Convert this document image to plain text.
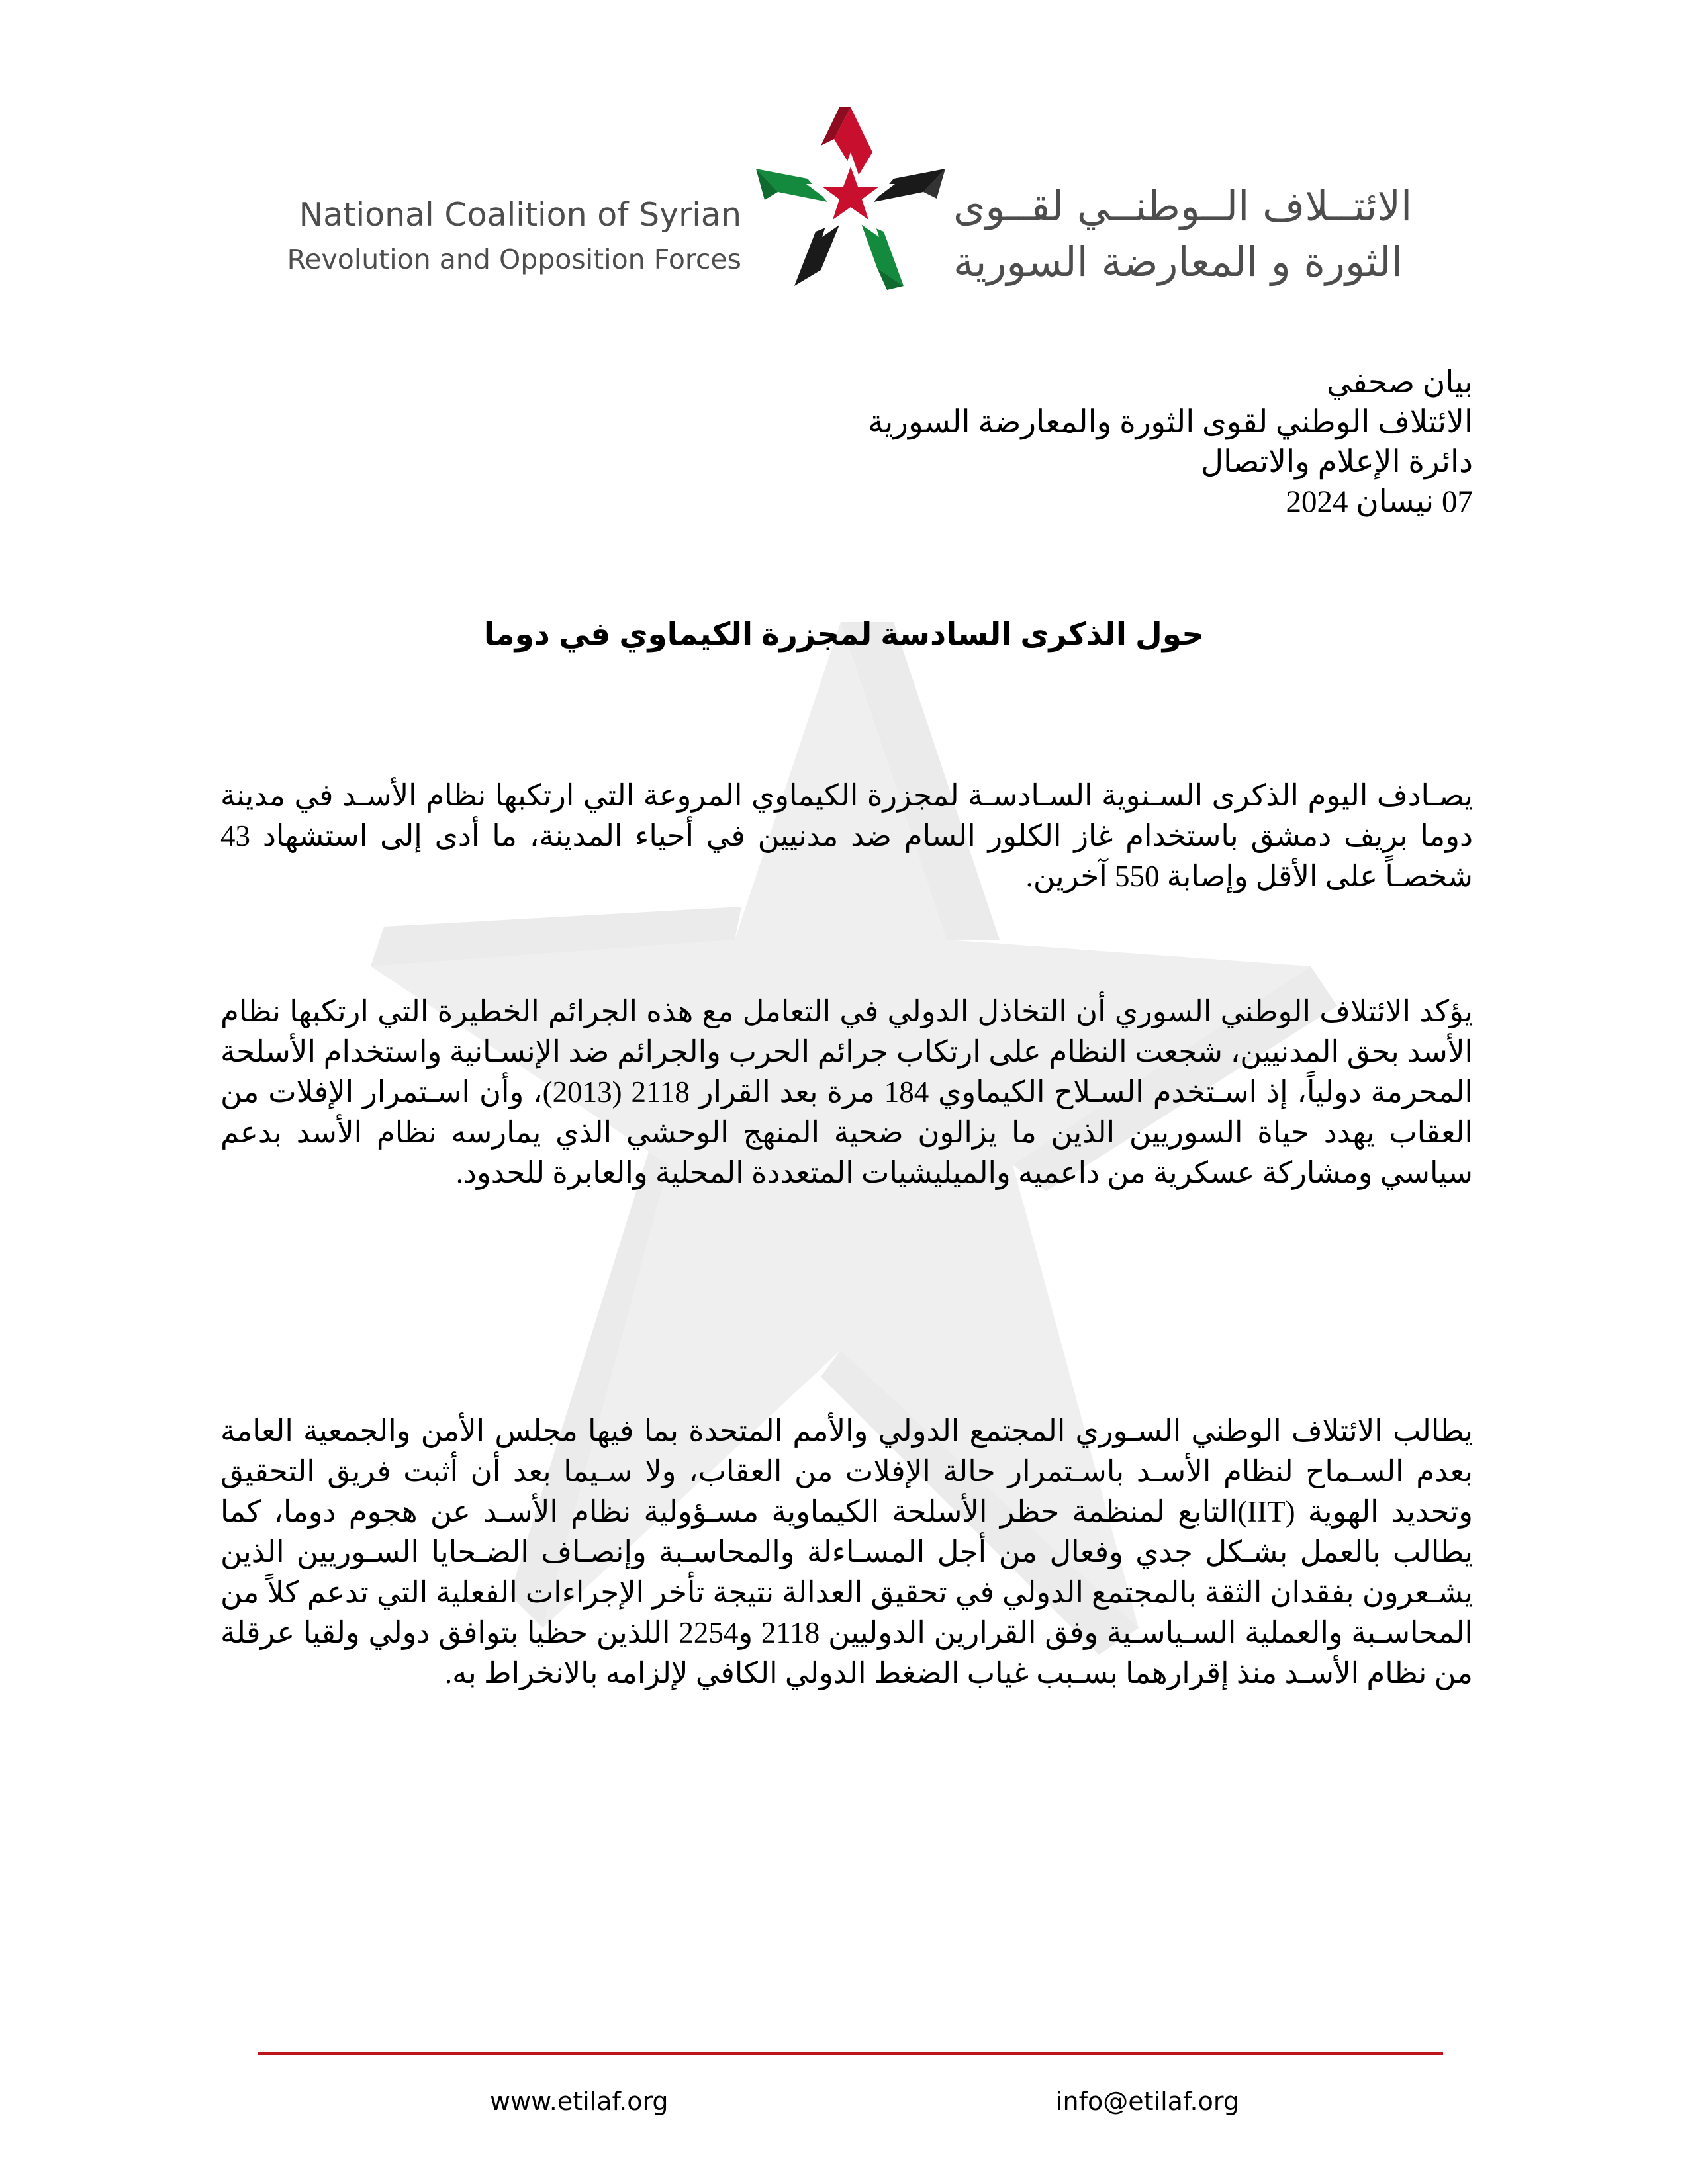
National Coalition of Syrian
Revolution and Opposition Forces
الائتــلاف الــوطنــي لقــوى
الثورة و المعارضة السورية
بيان صحفي
الائتلاف الوطني لقوى الثورة والمعارضة السورية
دائرة الإعلام والاتصال
07 نيسان 2024
حول الذكرى السادسة لمجزرة الكيماوي في دوما
يصـادف اليوم الذكرى السـنوية السـادسـة لمجزرة الكيماوي المروعة التي ارتكبها نظام الأسـد في مدينة دوما بريف دمشق باستخدام غاز الكلور السام ضد مدنيين في أحياء المدينة، ما أدى إلى استشهاد 43 شخصـاً على الأقل وإصابة 550 آخرين.
يؤكد الائتلاف الوطني السوري أن التخاذل الدولي في التعامل مع هذه الجرائم الخطيرة التي ارتكبها نظام الأسد بحق المدنيين، شجعت النظام على ارتكاب جرائم الحرب والجرائم ضد الإنسـانية واستخدام الأسلحة المحرمة دولياً، إذ اسـتخدم السـلاح الكيماوي 184 مرة بعد القرار 2118 (2013)، وأن اسـتمرار الإفلات من العقاب يهدد حياة السوريين الذين ما يزالون ضحية المنهج الوحشي الذي يمارسه نظام الأسد بدعم سياسي ومشاركة عسكرية من داعميه والميليشيات المتعددة المحلية والعابرة للحدود.
يطالب الائتلاف الوطني السـوري المجتمع الدولي والأمم المتحدة بما فيها مجلس الأمن والجمعية العامة بعدم السـماح لنظام الأسـد باسـتمرار حالة الإفلات من العقاب، ولا سـيما بعد أن أثبت فريق التحقيق وتحديد الهوية (IIT)التابع لمنظمة حظر الأسلحة الكيماوية مسـؤولية نظام الأسـد عن هجوم دوما، كما يطالب بالعمل بشـكل جدي وفعال من أجل المسـاءلة والمحاسـبة وإنصـاف الضـحايا السـوريين الذين يشـعرون بفقدان الثقة بالمجتمع الدولي في تحقيق العدالة نتيجة تأخر الإجراءات الفعلية التي تدعم كلاً من المحاسـبة والعملية السـياسـية وفق القرارين الدوليين 2118 و2254 اللذين حظيا بتوافق دولي ولقيا عرقلة من نظام الأسـد منذ إقرارهما بسـبب غياب الضغط الدولي الكافي لإلزامه بالانخراط به.
www.etilaf.org	info@etilaf.org
